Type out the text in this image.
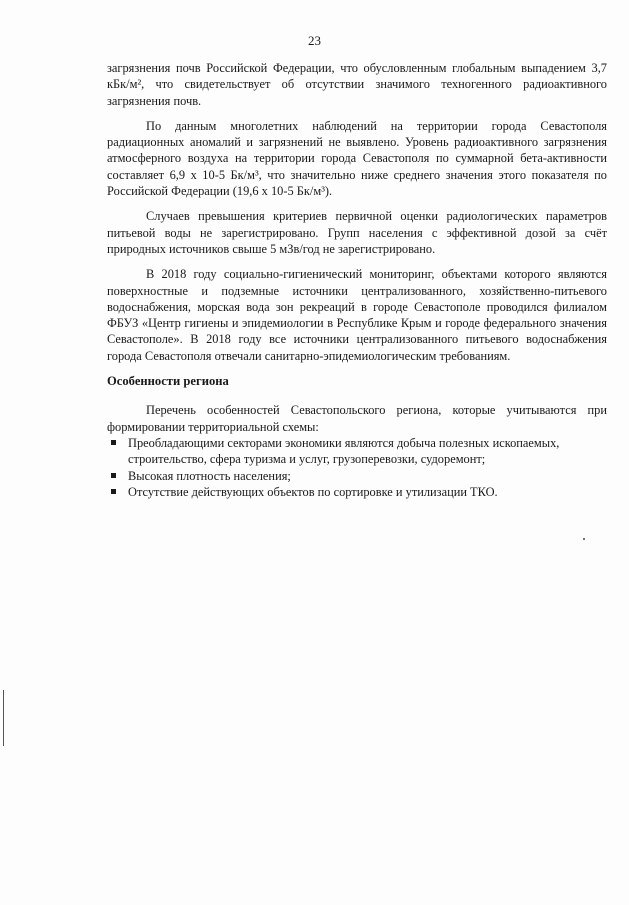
23

загрязнения почв Российской Федерации, что обусловленным глобальным выпадением 3,7 кБк/м², что свидетельствует об отсутствии значимого техногенного радиоактивного загрязнения почв.

По данным многолетних наблюдений на территории города Севастополя радиационных аномалий и загрязнений не выявлено. Уровень радиоактивного загрязнения атмосферного воздуха на территории города Севастополя по суммарной бета-активности составляет 6,9 х 10-5 Бк/м³, что значительно ниже среднего значения этого показателя по Российской Федерации (19,6 х 10-5 Бк/м³).

Случаев превышения критериев первичной оценки радиологических параметров питьевой воды не зарегистрировано. Групп населения с эффективной дозой за счёт природных источников свыше 5 мЗв/год не зарегистрировано.

В 2018 году социально-гигиенический мониторинг, объектами которого являются поверхностные и подземные источники централизованного, хозяйственно-питьевого водоснабжения, морская вода зон рекреаций в городе Севастополе проводился филиалом ФБУЗ «Центр гигиены и эпидемиологии в Республике Крым и городе федерального значения Севастополе». В 2018 году все источники централизованного питьевого водоснабжения города Севастополя отвечали санитарно-эпидемиологическим требованиям.

Особенности региона

Перечень особенностей Севастопольского региона, которые учитываются при формировании территориальной схемы:

Преобладающими секторами экономики являются добыча полезных ископаемых, строительство, сфера туризма и услуг, грузоперевозки, судоремонт;
Высокая плотность населения;
Отсутствие действующих объектов по сортировке и утилизации ТКО.
